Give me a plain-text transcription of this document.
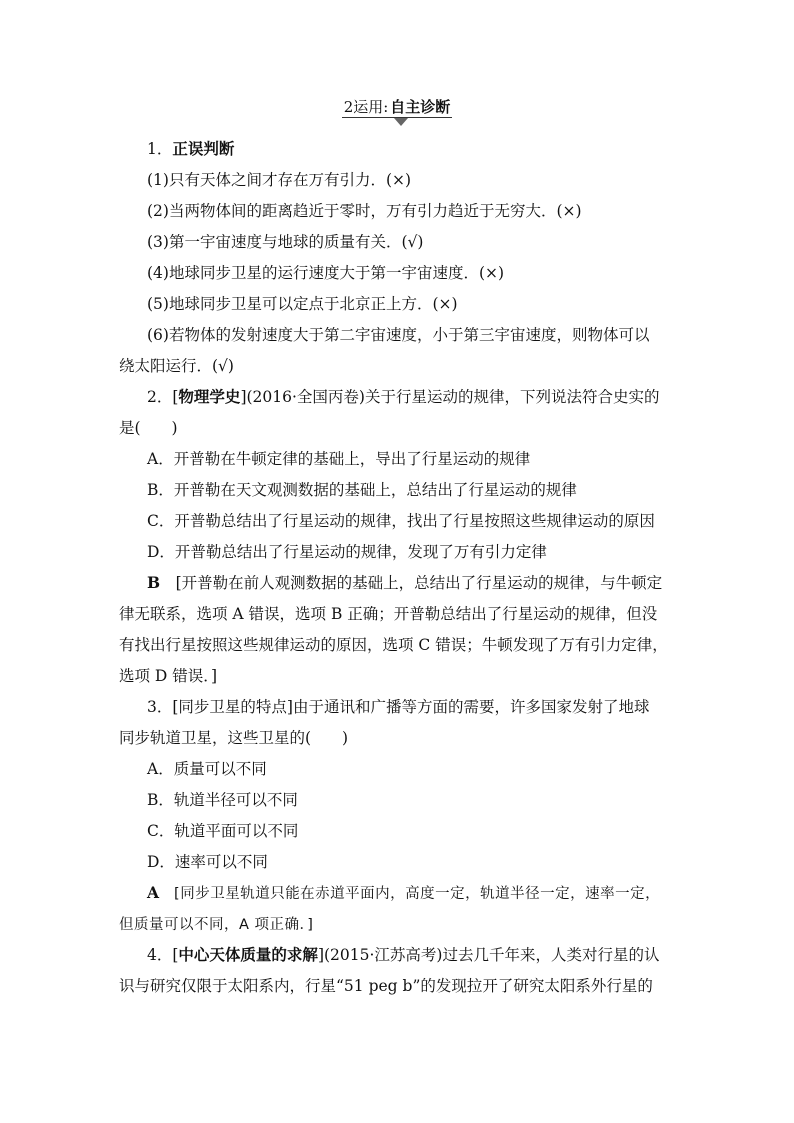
2运用: 自主诊断
1．正误判断
(1)只有天体之间才存在万有引力．(×)
(2)当两物体间的距离趋近于零时，万有引力趋近于无穷大．(×)
(3)第一宇宙速度与地球的质量有关．(√)
(4)地球同步卫星的运行速度大于第一宇宙速度．(×)
(5)地球同步卫星可以定点于北京正上方．(×)
(6)若物体的发射速度大于第二宇宙速度，小于第三宇宙速度，则物体可以
绕太阳运行．(√)
2．[物理学史](2016·全国丙卷)关于行星运动的规律，下列说法符合史实的
是(　　)
A．开普勒在牛顿定律的基础上，导出了行星运动的规律
B．开普勒在天文观测数据的基础上，总结出了行星运动的规律
C．开普勒总结出了行星运动的规律，找出了行星按照这些规律运动的原因
D．开普勒总结出了行星运动的规律，发现了万有引力定律
B　[开普勒在前人观测数据的基础上，总结出了行星运动的规律，与牛顿定
律无联系，选项 A 错误，选项 B 正确；开普勒总结出了行星运动的规律，但没
有找出行星按照这些规律运动的原因，选项 C 错误；牛顿发现了万有引力定律，
选项 D 错误．]
3．[同步卫星的特点]由于通讯和广播等方面的需要，许多国家发射了地球
同步轨道卫星，这些卫星的(　　)
A．质量可以不同
B．轨道半径可以不同
C．轨道平面可以不同
D．速率可以不同
A　[同步卫星轨道只能在赤道平面内，高度一定，轨道半径一定，速率一定，
但质量可以不同，A 项正确．]
4．[中心天体质量的求解](2015·江苏高考)过去几千年来，人类对行星的认
识与研究仅限于太阳系内，行星“51 peg b”的发现拉开了研究太阳系外行星的
